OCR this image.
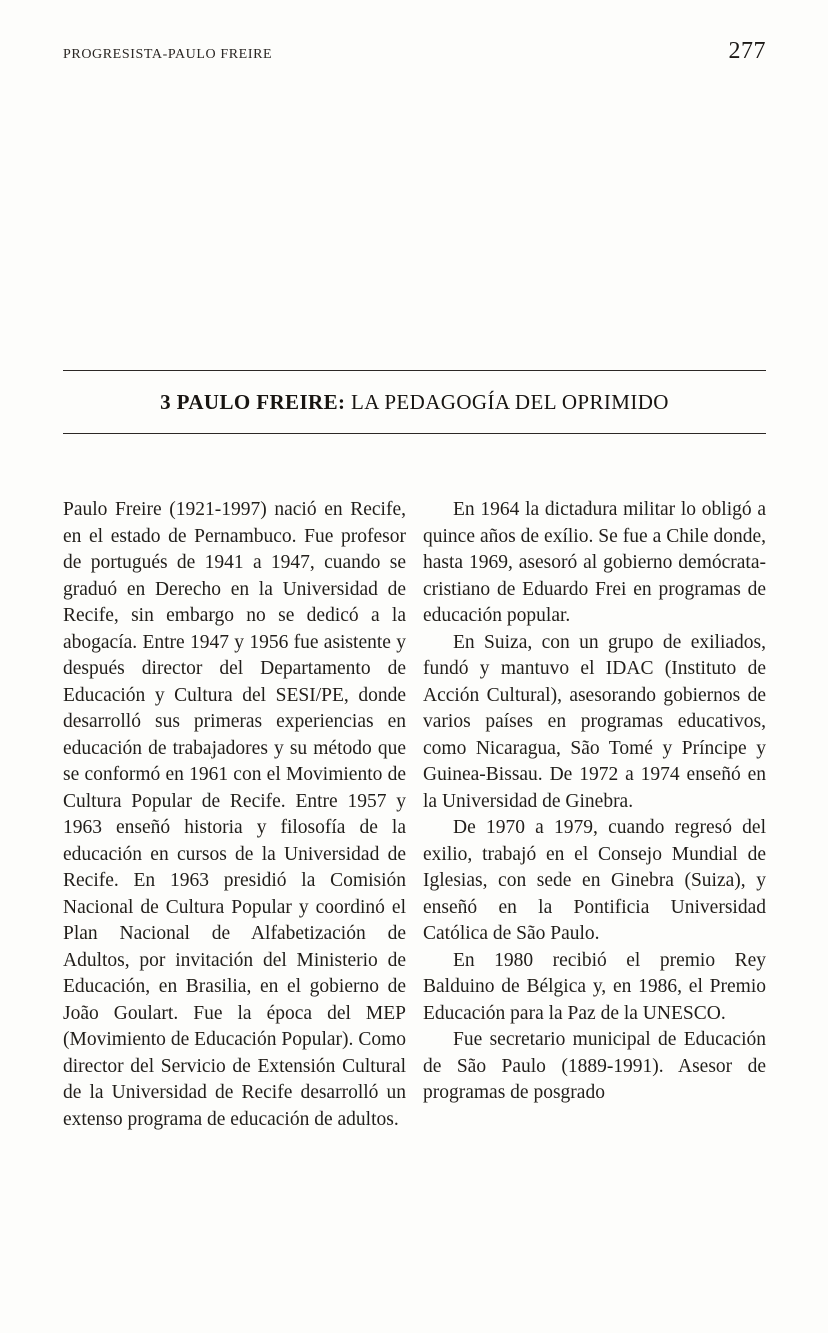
PROGRESISTA-PAULO FREIRE	277
3 PAULO FREIRE: LA PEDAGOGÍA DEL OPRIMIDO

Paulo Freire (1921-1997) nació en Recife, en el estado de Pernambuco. Fue profesor de portugués de 1941 a 1947, cuando se graduó en Derecho en la Universidad de Recife, sin embargo no se dedicó a la abogacía. Entre 1947 y 1956 fue asistente y después director del Departamento de Educación y Cultura del SESI/PE, donde desarrolló sus primeras experiencias en educación de trabajadores y su método que se conformó en 1961 con el Movimiento de Cultura Popular de Recife. Entre 1957 y 1963 enseñó historia y filosofía de la educación en cursos de la Universidad de Recife. En 1963 presidió la Comisión Nacional de Cultura Popular y coordinó el Plan Nacional de Alfabetización de Adultos, por invitación del Ministerio de Educación, en Brasilia, en el gobierno de João Goulart. Fue la época del MEP (Movimiento de Educación Popular). Como director del Servicio de Extensión Cultural de la Universidad de Recife desarrolló un extenso programa de educación de adultos.

En 1964 la dictadura militar lo obligó a quince años de exílio. Se fue a Chile donde, hasta 1969, asesoró al gobierno demócrata-cristiano de Eduardo Frei en programas de educación popular.

En Suiza, con un grupo de exiliados, fundó y mantuvo el IDAC (Instituto de Acción Cultural), asesorando gobiernos de varios países en programas educativos, como Nicaragua, São Tomé y Príncipe y Guinea-Bissau. De 1972 a 1974 enseñó en la Universidad de Ginebra.

De 1970 a 1979, cuando regresó del exilio, trabajó en el Consejo Mundial de Iglesias, con sede en Ginebra (Suiza), y enseñó en la Pontificia Universidad Católica de São Paulo.

En 1980 recibió el premio Rey Balduino de Bélgica y, en 1986, el Premio Educación para la Paz de la UNESCO.

Fue secretario municipal de Educación de São Paulo (1889-1991). Asesor de programas de posgrado
